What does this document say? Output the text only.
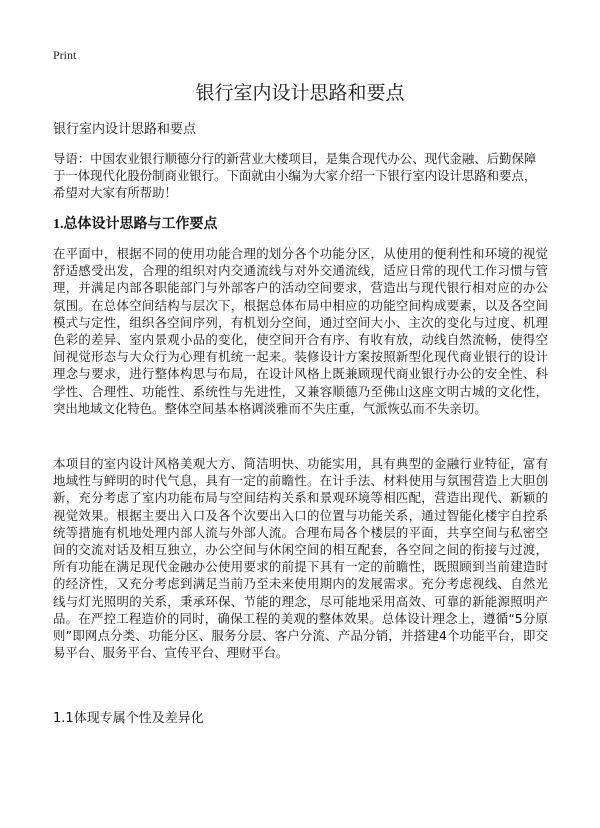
Print
银行室内设计思路和要点
银行室内设计思路和要点

导语：中国农业银行顺德分行的新营业大楼项目，是集合现代办公、现代金融、后勤保障于一体现代化股份制商业银行。下面就由小编为大家介绍一下银行室内设计思路和要点，希望对大家有所帮助！

1.总体设计思路与工作要点

在平面中，根据不同的使用功能合理的划分各个功能分区，从使用的便利性和环境的视觉舒适感受出发，合理的组织对内交通流线与对外交通流线，适应日常的现代工作习惯与管理，并满足内部各职能部门与外部客户的活动空间要求，营造出与现代银行相对应的办公氛围。在总体空间结构与层次下，根据总体布局中相应的功能空间构成要素，以及各空间模式与定性，组织各空间序列，有机划分空间，通过空间大小、主次的变化与过度、机理色彩的差异、室内景观小品的变化，使空间开合有序、有收有放，动线自然流畅，使得空间视觉形态与大众行为心理有机统一起来。装修设计方案按照新型化现代商业银行的设计理念与要求，进行整体构思与布局，在设计风格上既兼顾现代商业银行办公的安全性、科学性、合理性、功能性、系统性与先进性，又兼容顺德乃至佛山这座文明古城的文化性，突出地域文化特色。整体空间基本格调淡雅而不失庄重，气派恢弘而不失亲切。

本项目的室内设计风格美观大方、简洁明快、功能实用，具有典型的金融行业特征，富有地域性与鲜明的时代气息，具有一定的前瞻性。在计手法、材料使用与氛围营造上大胆创新，充分考虑了室内功能布局与空间结构关系和景观环境等相匹配，营造出现代、新颖的视觉效果。根据主要出入口及各个次要出入口的位置与功能关系，通过智能化楼宇自控系统等措施有机地处理内部人流与外部人流。合理布局各个楼层的平面，共享空间与私密空间的交流对话及相互独立，办公空间与休闲空间的相互配套，各空间之间的衔接与过渡，所有功能在满足现代金融办公使用要求的前提下具有一定的前瞻性，既照顾到当前建造时的经济性，又充分考虑到满足当前乃至未来使用期内的发展需求。充分考虑视线、自然光线与灯光照明的关系，秉承环保、节能的理念，尽可能地采用高效、可靠的新能源照明产品。在严控工程造价的同时，确保工程的美观的整体效果。总体设计理念上，遵循“5分原则”即网点分类、功能分区、服务分层、客户分流、产品分销，并搭建4个功能平台，即交易平台、服务平台、宣传平台、理财平台。

1.1体现专属个性及差异化
